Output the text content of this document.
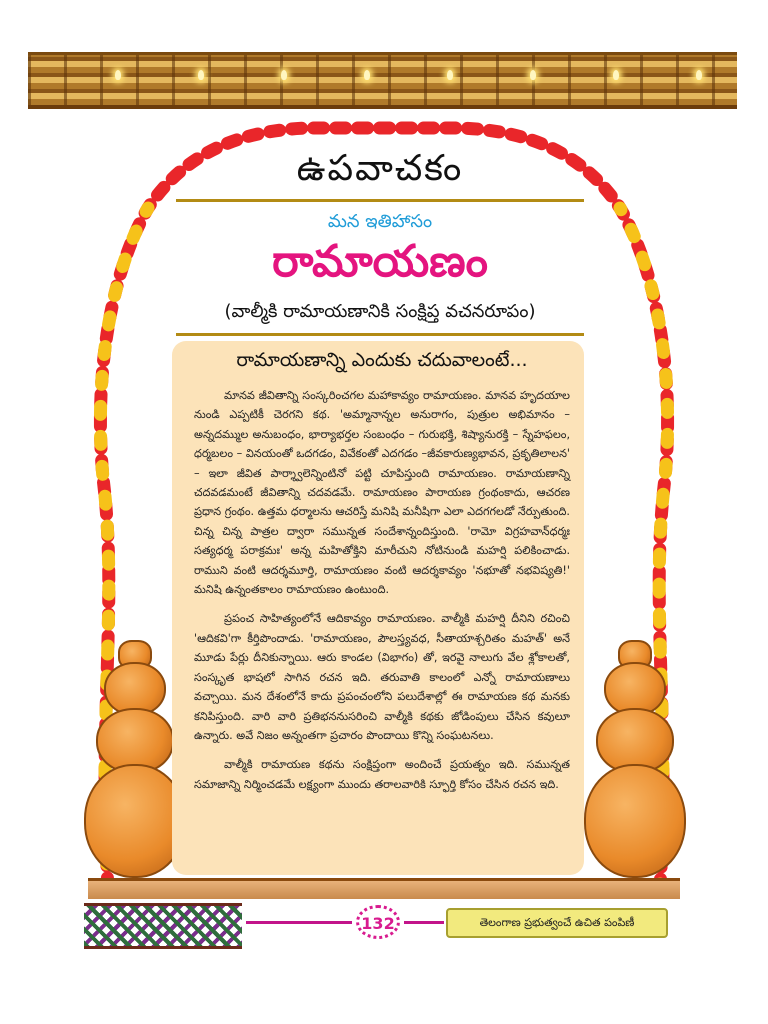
ఉపవాచకం
మన ఇతిహాసం
రామాయణం
(వాల్మీకి రామాయణానికి సంక్షిప్త వచనరూపం)
రామాయణాన్ని ఎందుకు చదువాలంటే...

మానవ జీవితాన్ని సంస్కరించగల మహాకావ్యం రామాయణం. మానవ హృదయాల నుండి ఎప్పటికీ చెరగని కథ. 'అమ్మానాన్నల అనురాగం, పుత్రుల అభిమానం – అన్నదమ్ముల అనుబంధం, భార్యాభర్తల సంబంధం – గురుభక్తి, శిష్యానురక్తి – స్నేహఫలం, ధర్మబలం – వినయంతో ఒదగడం, వివేకంతో ఎదగడం –జీవకారుణ్యభావన, ప్రకృతిలాలన' – ఇలా జీవిత పార్శ్వాలెన్నింటినో పట్టి చూపిస్తుంది రామాయణం. రామాయణాన్ని చదవడమంటే జీవితాన్ని చదవడమే. రామాయణం పారాయణ గ్రంథంకాదు, ఆచరణ ప్రధాన గ్రంథం. ఉత్తమ ధర్మాలను ఆచరిస్తే మనిషి మనీషిగా ఎలా ఎదగగలడో నేర్పుతుంది. చిన్న చిన్న పాత్రల ద్వారా సమున్నత సందేశాన్నందిస్తుంది. 'రామో విగ్రహవాన్‌ధర్మః సత్యధర్మ పరాక్రమః' అన్న మహితోక్తిని మారీచుని నోటినుండి మహర్షి పలికించాడు. రాముని వంటి ఆదర్శమూర్తి, రామాయణం వంటి ఆదర్శకావ్యం 'నభూతో నభవిష్యతి!' మనిషి ఉన్నంతకాలం రామాయణం ఉంటుంది.

ప్రపంచ సాహిత్యంలోనే ఆదికావ్యం రామాయణం. వాల్మీకి మహర్షి దీనిని రచించి 'ఆదికవి'గా కీర్తిపొందాడు. 'రామాయణం, పౌలస్త్యవధ, సీతాయాశ్చరితం మహత్' అనే మూడు పేర్లు దీనికున్నాయి. ఆరు కాండల (విభాగం) తో, ఇరవై నాలుగు వేల శ్లోకాలతో, సంస్కృత భాషలో సాగిన రచన ఇది. తరువాతి కాలంలో ఎన్నో రామాయణాలు వచ్చాయి. మన దేశంలోనే కాదు ప్రపంచంలోని పలుదేశాల్లో ఈ రామాయణ కథ మనకు కనిపిస్తుంది. వారి వారి ప్రతిభననుసరించి వాల్మీకి కథకు జోడింపులు చేసిన కవులూ ఉన్నారు. అవే నిజం అన్నంతగా ప్రచారం పొందాయి కొన్ని సంఘటనలు.

వాల్మీకి రామాయణ కథను సంక్షిప్తంగా అందించే ప్రయత్నం ఇది. సమున్నత సమాజాన్ని నిర్మించడమే లక్ష్యంగా ముందు తరాలవారికి స్ఫూర్తి కోసం చేసిన రచన ఇది.

132	తెలంగాణ ప్రభుత్వంచే ఉచిత పంపిణీ
